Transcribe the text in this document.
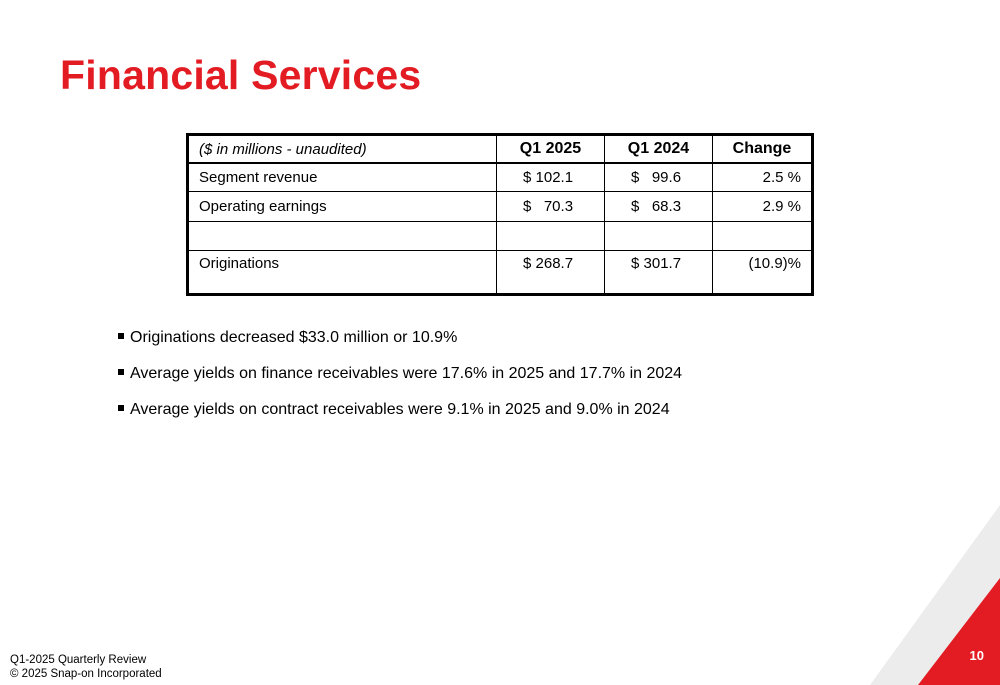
Financial Services
($ in millions - unaudited)	Q1 2025	Q1 2024	Change
Segment revenue	$ 102.1	$   99.6	2.5 %
Operating earnings	$   70.3	$   68.3	2.9 %

Originations	$ 268.7	$ 301.7	(10.9)%
Originations decreased $33.0 million or 10.9%
Average yields on finance receivables were 17.6% in 2025 and 17.7% in 2024
Average yields on contract receivables were 9.1% in 2025 and 9.0% in 2024
Q1-2025 Quarterly Review
© 2025 Snap-on Incorporated
10
